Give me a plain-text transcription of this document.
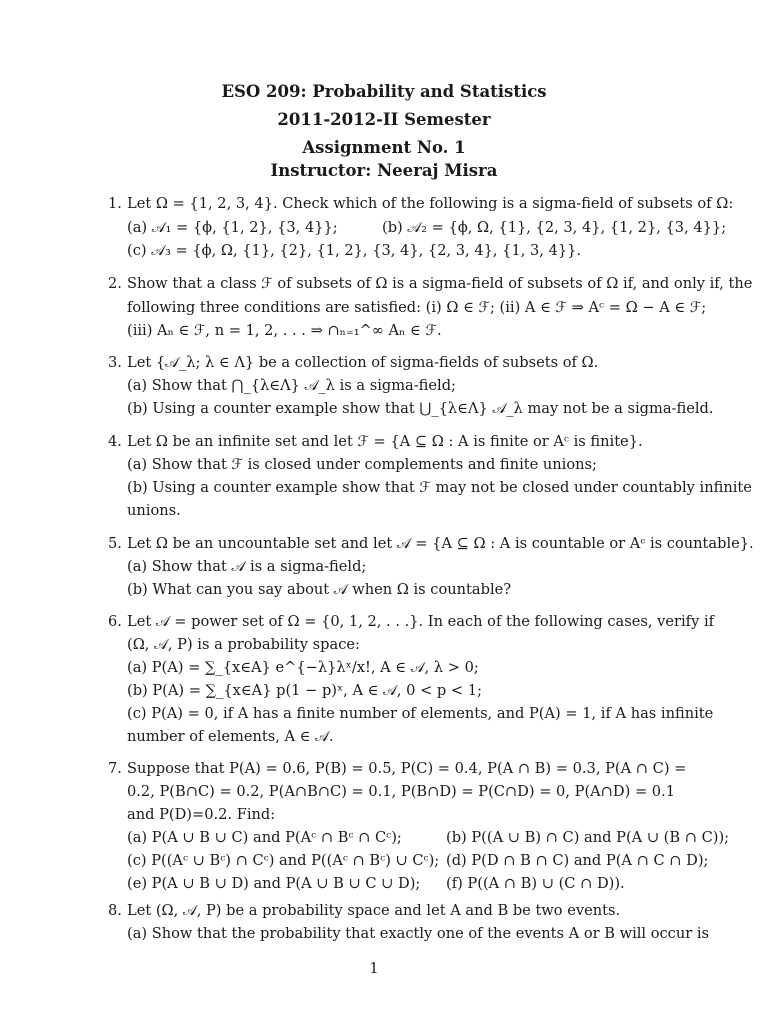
ESO 209: Probability and Statistics
2011-2012-II Semester
Assignment No. 1
Instructor: Neeraj Misra
1. Let Ω = {1, 2, 3, 4}. Check which of the following is a sigma-field of subsets of Ω:
(a) 𝒜₁ = {ϕ, {1, 2}, {3, 4}};	(b) 𝒜₂ = {ϕ, Ω, {1}, {2, 3, 4}, {1, 2}, {3, 4}};
(c) 𝒜₃ = {ϕ, Ω, {1}, {2}, {1, 2}, {3, 4}, {2, 3, 4}, {1, 3, 4}}.
2. Show that a class ℱ of subsets of Ω is a sigma-field of subsets of Ω if, and only if, the
following three conditions are satisfied: (i) Ω ∈ ℱ; (ii) A ∈ ℱ ⇒ Aᶜ = Ω − A ∈ ℱ;
(iii) Aₙ ∈ ℱ, n = 1, 2, . . . ⇒ ∩ₙ₌₁^∞ Aₙ ∈ ℱ.
3. Let {𝒜_λ; λ ∈ Λ} be a collection of sigma-fields of subsets of Ω.
(a) Show that ⋂_{λ∈Λ} 𝒜_λ is a sigma-field;
(b) Using a counter example show that ⋃_{λ∈Λ} 𝒜_λ may not be a sigma-field.
4. Let Ω be an infinite set and let ℱ = {A ⊆ Ω : A is finite or Aᶜ is finite}.
(a) Show that ℱ is closed under complements and finite unions;
(b) Using a counter example show that ℱ may not be closed under countably infinite
unions.
5. Let Ω be an uncountable set and let 𝒜 = {A ⊆ Ω : A is countable or Aᶜ is countable}.
(a) Show that 𝒜 is a sigma-field;
(b) What can you say about 𝒜 when Ω is countable?
6. Let 𝒜 = power set of Ω = {0, 1, 2, . . .}. In each of the following cases, verify if
(Ω, 𝒜, P) is a probability space:
(a) P(A) = ∑_{x∈A} e^{−λ}λˣ/x!, A ∈ 𝒜, λ > 0;
(b) P(A) = ∑_{x∈A} p(1 − p)ˣ, A ∈ 𝒜, 0 < p < 1;
(c) P(A) = 0, if A has a finite number of elements, and P(A) = 1, if A has infinite
number of elements, A ∈ 𝒜.
7. Suppose that P(A) = 0.6, P(B) = 0.5, P(C) = 0.4, P(A ∩ B) = 0.3, P(A ∩ C) =
0.2, P(B∩C) = 0.2, P(A∩B∩C) = 0.1, P(B∩D) = P(C∩D) = 0, P(A∩D) = 0.1
and P(D)=0.2. Find:
(a) P(A ∪ B ∪ C) and P(Aᶜ ∩ Bᶜ ∩ Cᶜ);	(b) P((A ∪ B) ∩ C) and P(A ∪ (B ∩ C));
(c) P((Aᶜ ∪ Bᶜ) ∩ Cᶜ) and P((Aᶜ ∩ Bᶜ) ∪ Cᶜ); (d) P(D ∩ B ∩ C) and P(A ∩ C ∩ D);
(e) P(A ∪ B ∪ D) and P(A ∪ B ∪ C ∪ D); (f) P((A ∩ B) ∪ (C ∩ D)).
8. Let (Ω, 𝒜, P) be a probability space and let A and B be two events.
(a) Show that the probability that exactly one of the events A or B will occur is
1
